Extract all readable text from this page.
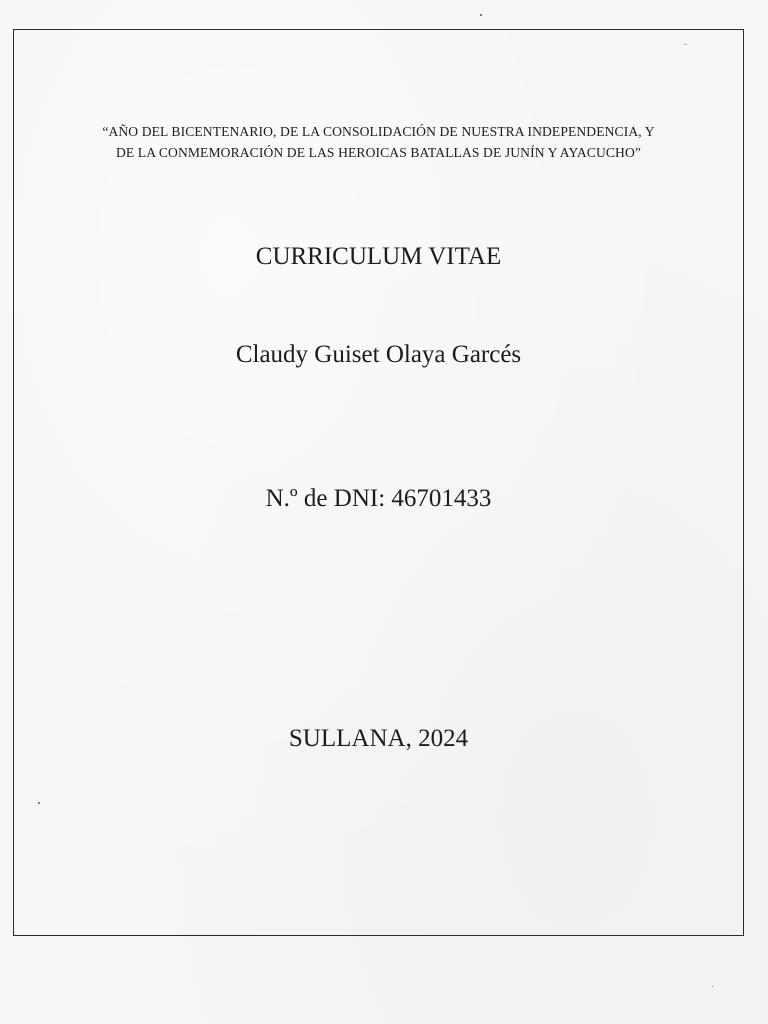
“AÑO DEL BICENTENARIO, DE LA CONSOLIDACIÓN DE NUESTRA INDEPENDENCIA, Y
DE LA CONMEMORACIÓN DE LAS HEROICAS BATALLAS DE JUNÍN Y AYACUCHO”
CURRICULUM VITAE
Claudy Guiset Olaya Garcés
N.º de DNI: 46701433
SULLANA, 2024
